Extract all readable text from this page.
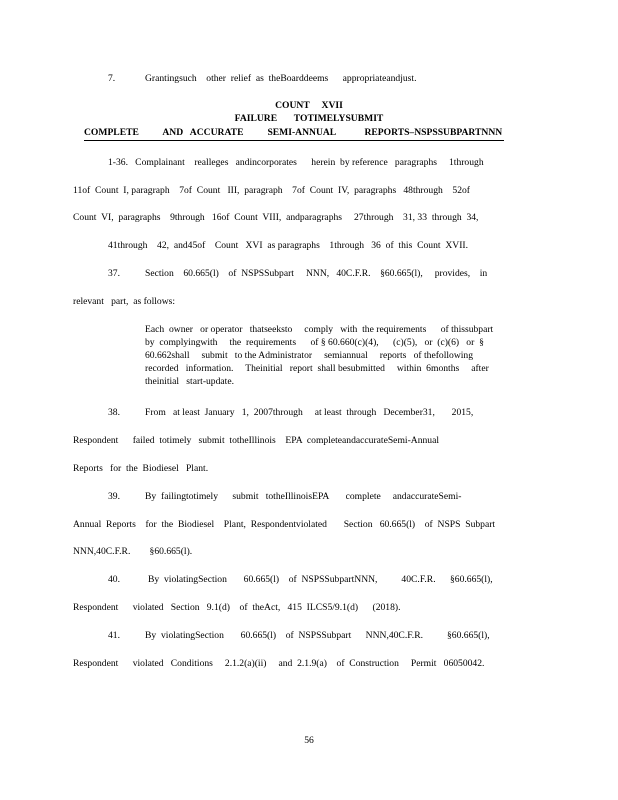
7.	Grantingsuch    other  relief  as  theBoarddeems      appropriateandjust.
COUNT     XVII
FAILURE       TOTIMELYSUBMIT
COMPLETE          AND   ACCURATE          SEMI-ANNUAL            REPORTS–NSPSSUBPARTNNN
1-36.   Complainant    realleges   andincorporates      herein  by reference   paragraphs     1through
11of  Count  I, paragraph    7of  Count   III,  paragraph    7of  Count  IV,  paragraphs   48through    52of
Count  VI,  paragraphs    9through   16of  Count  VIII,  andparagraphs     27through    31, 33  through  34,
41through    42,  and45of    Count   XVI  as paragraphs    1through   36  of  this  Count  XVII.
37.	Section    60.665(l)    of  NSPSSubpart     NNN,   40C.F.R.    §60.665(l),     provides,    in
relevant   part,  as follows:
Each  owner   or operator   thatseeksto     comply   with  the requirements      of thissubpart
by  complyingwith     the  requirements      of § 60.660(c)(4),      (c)(5),   or  (c)(6)   or  §
60.662shall     submit   to the Administrator     semiannual     reports   of thefollowing
recorded   information.     Theinitial   report  shall besubmitted     within  6months     after
theinitial   start-update.
38.	From   at least  January   1,  2007through     at least  through   December31,       2015,
Respondent      failed  totimely   submit  totheIllinois    EPA  completeandaccurateSemi-Annual
Reports   for  the  Biodiesel   Plant.
39.	By  failingtotimely      submit   totheIllinoisEPA       complete     andaccurateSemi-
Annual  Reports    for  the  Biodiesel    Plant,  Respondentviolated       Section   60.665(l)    of  NSPS  Subpart
NNN,40C.F.R.        §60.665(l).
40.	By  violatingSection       60.665(l)    of  NSPSSubpartNNN,          40C.F.R.      §60.665(l),
Respondent      violated   Section   9.1(d)    of  theAct,   415  ILCS5/9.1(d)      (2018).
41.	By  violatingSection       60.665(l)    of  NSPSSubpart      NNN,40C.F.R.          §60.665(l),
Respondent      violated   Conditions     2.1.2(a)(ii)     and  2.1.9(a)    of  Construction     Permit   06050042.
56
